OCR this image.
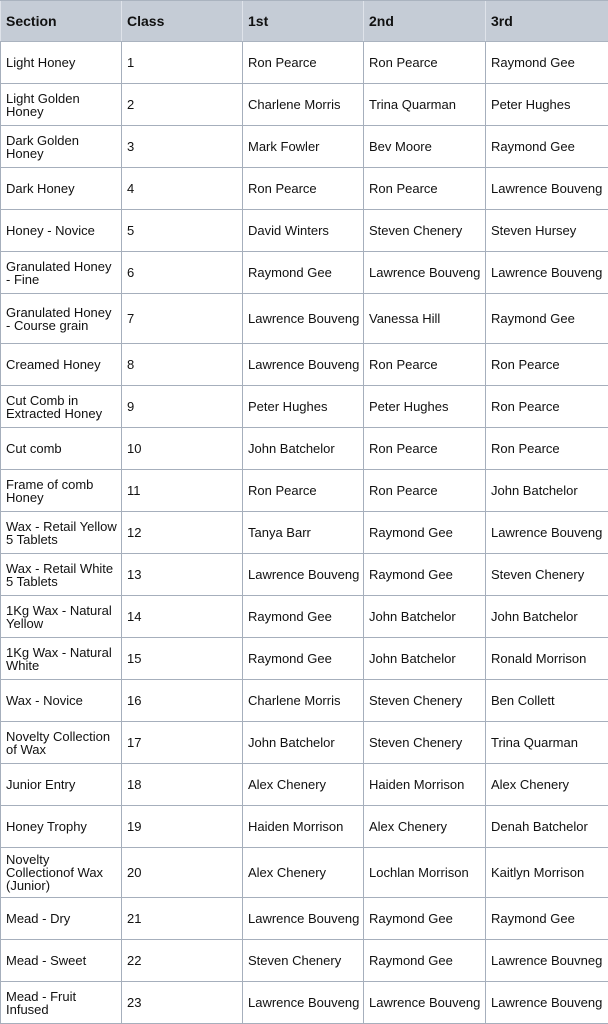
Section	Class	1st	2nd	3rd
Light Honey	1	Ron Pearce	Ron Pearce	Raymond Gee
Light Golden Honey	2	Charlene Morris	Trina Quarman	Peter Hughes
Dark Golden Honey	3	Mark Fowler	Bev Moore	Raymond Gee
Dark Honey	4	Ron Pearce	Ron Pearce	Lawrence Bouveng
Honey - Novice	5	David Winters	Steven Chenery	Steven Hursey
Granulated Honey - Fine	6	Raymond Gee	Lawrence Bouveng	Lawrence Bouveng
Granulated Honey - Course grain	7	Lawrence Bouveng	Vanessa Hill	Raymond Gee
Creamed Honey	8	Lawrence Bouveng	Ron Pearce	Ron Pearce
Cut Comb in Extracted Honey	9	Peter Hughes	Peter Hughes	Ron Pearce
Cut comb	10	John Batchelor	Ron Pearce	Ron Pearce
Frame of comb Honey	11	Ron Pearce	Ron Pearce	John Batchelor
Wax - Retail Yellow 5 Tablets	12	Tanya Barr	Raymond Gee	Lawrence Bouveng
Wax - Retail White 5 Tablets	13	Lawrence Bouveng	Raymond Gee	Steven Chenery
1Kg Wax - Natural Yellow	14	Raymond Gee	John Batchelor	John Batchelor
1Kg Wax - Natural White	15	Raymond Gee	John Batchelor	Ronald Morrison
Wax - Novice	16	Charlene Morris	Steven Chenery	Ben Collett
Novelty Collection of Wax	17	John Batchelor	Steven Chenery	Trina Quarman
Junior Entry	18	Alex Chenery	Haiden Morrison	Alex Chenery
Honey Trophy	19	Haiden Morrison	Alex Chenery	Denah Batchelor
Novelty Collectionof Wax (Junior)	20	Alex Chenery	Lochlan Morrison	Kaitlyn Morrison
Mead - Dry	21	Lawrence Bouveng	Raymond Gee	Raymond Gee
Mead - Sweet	22	Steven Chenery	Raymond Gee	Lawrence Bouvneg
Mead - Fruit Infused	23	Lawrence Bouveng	Lawrence Bouveng	Lawrence Bouveng
